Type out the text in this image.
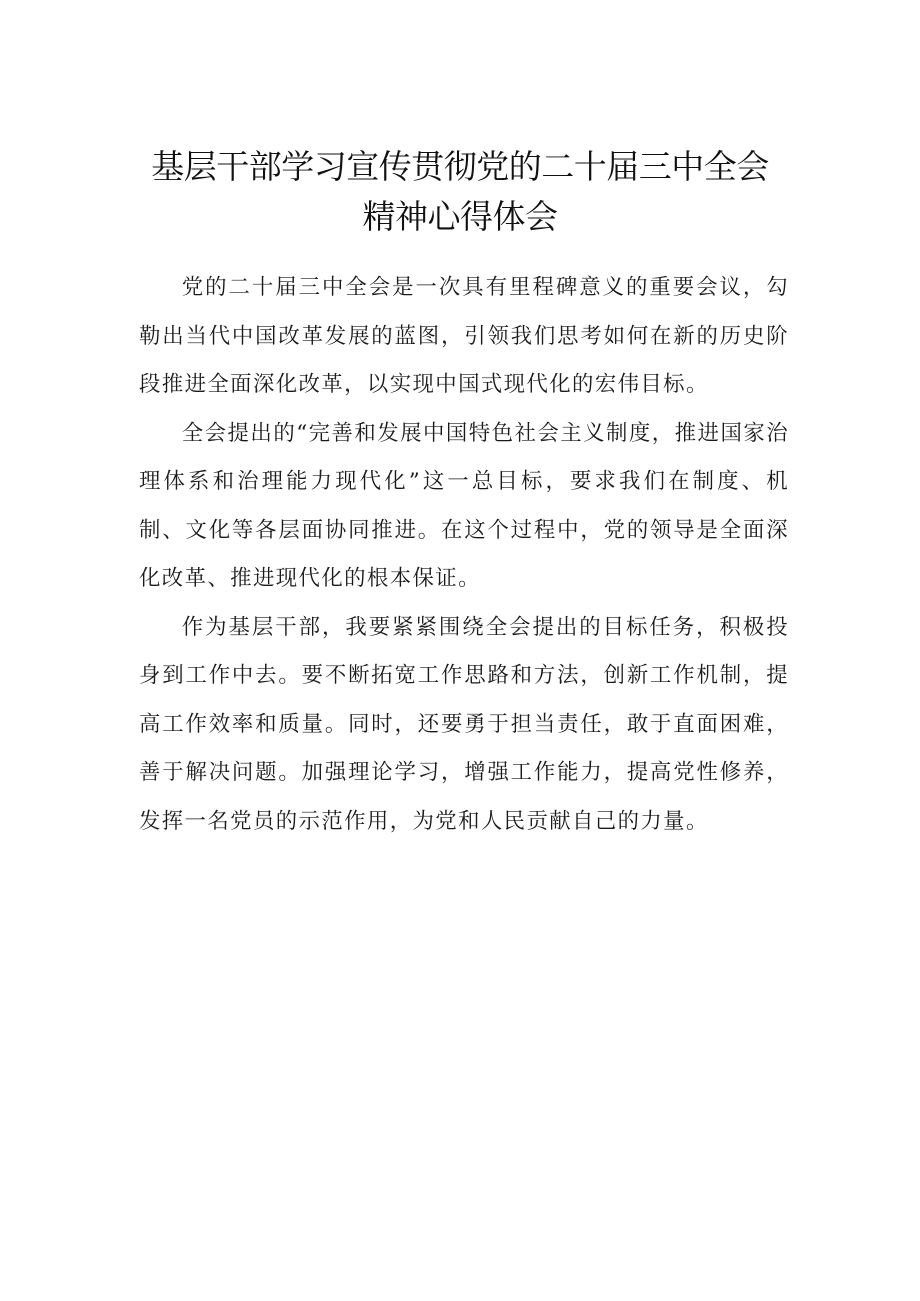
基层干部学习宣传贯彻党的二十届三中全会
精神心得体会

党的二十届三中全会是一次具有里程碑意义的重要会议，勾勒出当代中国改革发展的蓝图，引领我们思考如何在新的历史阶段推进全面深化改革，以实现中国式现代化的宏伟目标。

全会提出的“完善和发展中国特色社会主义制度，推进国家治理体系和治理能力现代化”这一总目标，要求我们在制度、机制、文化等各层面协同推进。在这个过程中，党的领导是全面深化改革、推进现代化的根本保证。

作为基层干部，我要紧紧围绕全会提出的目标任务，积极投身到工作中去。要不断拓宽工作思路和方法，创新工作机制，提高工作效率和质量。同时，还要勇于担当责任，敢于直面困难，善于解决问题。加强理论学习，增强工作能力，提高党性修养，发挥一名党员的示范作用，为党和人民贡献自己的力量。
